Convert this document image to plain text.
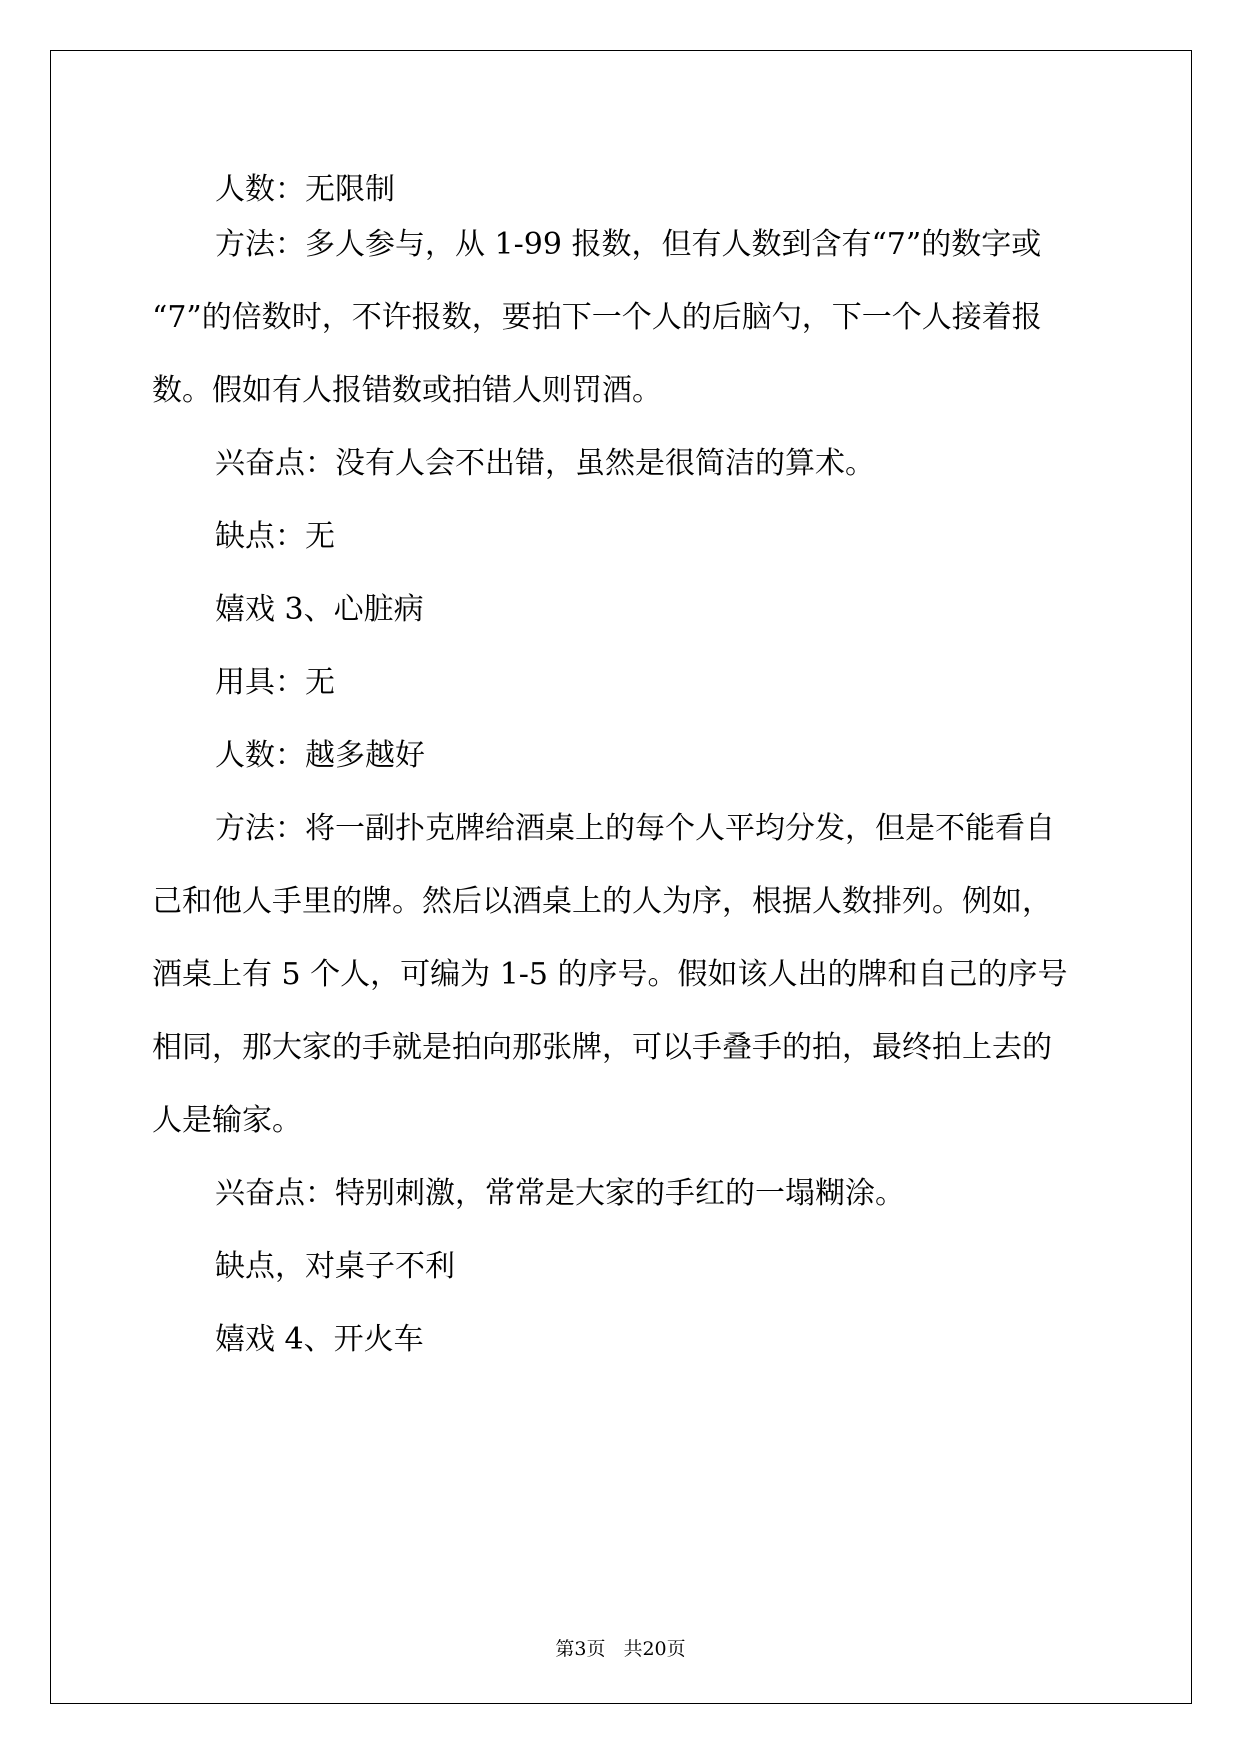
人数：无限制
方法：多人参与，从 1-99 报数，但有人数到含有“7”的数字或
“7”的倍数时，不许报数，要拍下一个人的后脑勺，下一个人接着报
数。假如有人报错数或拍错人则罚酒。
兴奋点：没有人会不出错，虽然是很简洁的算术。
缺点：无
嬉戏 3、心脏病
用具：无
人数：越多越好
方法：将一副扑克牌给酒桌上的每个人平均分发，但是不能看自
己和他人手里的牌。然后以酒桌上的人为序，根据人数排列。例如，
酒桌上有 5 个人，可编为 1-5 的序号。假如该人出的牌和自己的序号
相同，那大家的手就是拍向那张牌，可以手叠手的拍，最终拍上去的
人是输家。
兴奋点：特别刺激，常常是大家的手红的一塌糊涂。
缺点，对桌子不利
嬉戏 4、开火车
第3页 共20页
